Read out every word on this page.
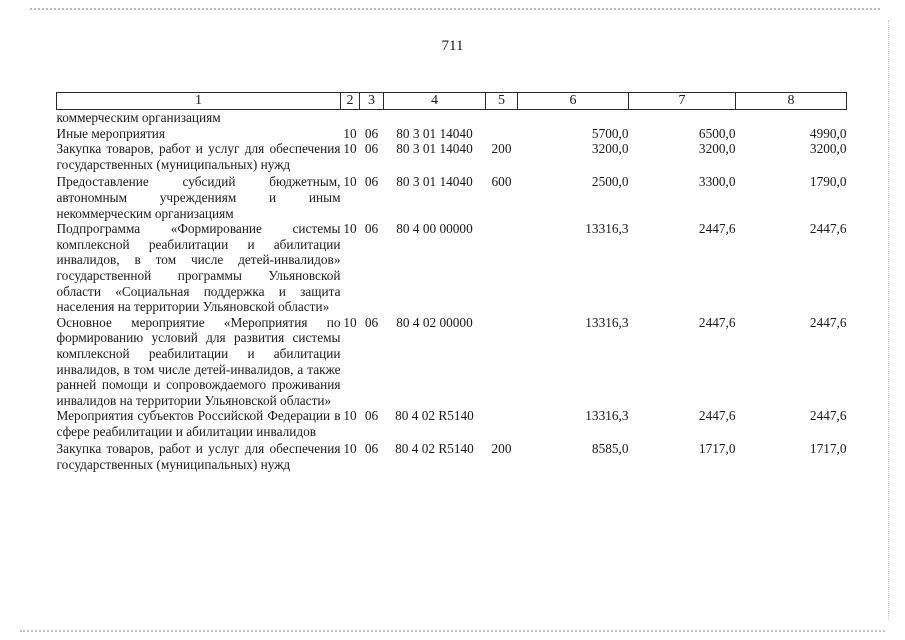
711
1	2	3	4	5	6	7	8
коммерческим организациям							
Иные мероприятия	10	06	80 3 01 14040		5700,0	6500,0	4990,0
Закупка товаров, работ и услуг для обеспечения государственных (муниципальных) нужд	10	06	80 3 01 14040	200	3200,0	3200,0	3200,0
Предоставление субсидий бюджетным, автономным учреждениям и иным некоммерческим организациям	10	06	80 3 01 14040	600	2500,0	3300,0	1790,0
Подпрограмма «Формирование системы комплексной реабилитации и абилитации инвалидов, в том числе детей-инвалидов» государственной программы Ульяновской области «Социальная поддержка и защита населения на территории Ульяновской области»	10	06	80 4 00 00000		13316,3	2447,6	2447,6
Основное мероприятие «Мероприятия по формированию условий для развития системы комплексной реабилитации и абилитации инвалидов, в том числе детей-инвалидов, а также ранней помощи и сопровождаемого проживания инвалидов на территории Ульяновской области»	10	06	80 4 02 00000		13316,3	2447,6	2447,6
Мероприятия субъектов Российской Федерации в сфере реабилитации и абилитации инвалидов	10	06	80 4 02 R5140		13316,3	2447,6	2447,6
Закупка товаров, работ и услуг для обеспечения государственных (муниципальных) нужд	10	06	80 4 02 R5140	200	8585,0	1717,0	1717,0
